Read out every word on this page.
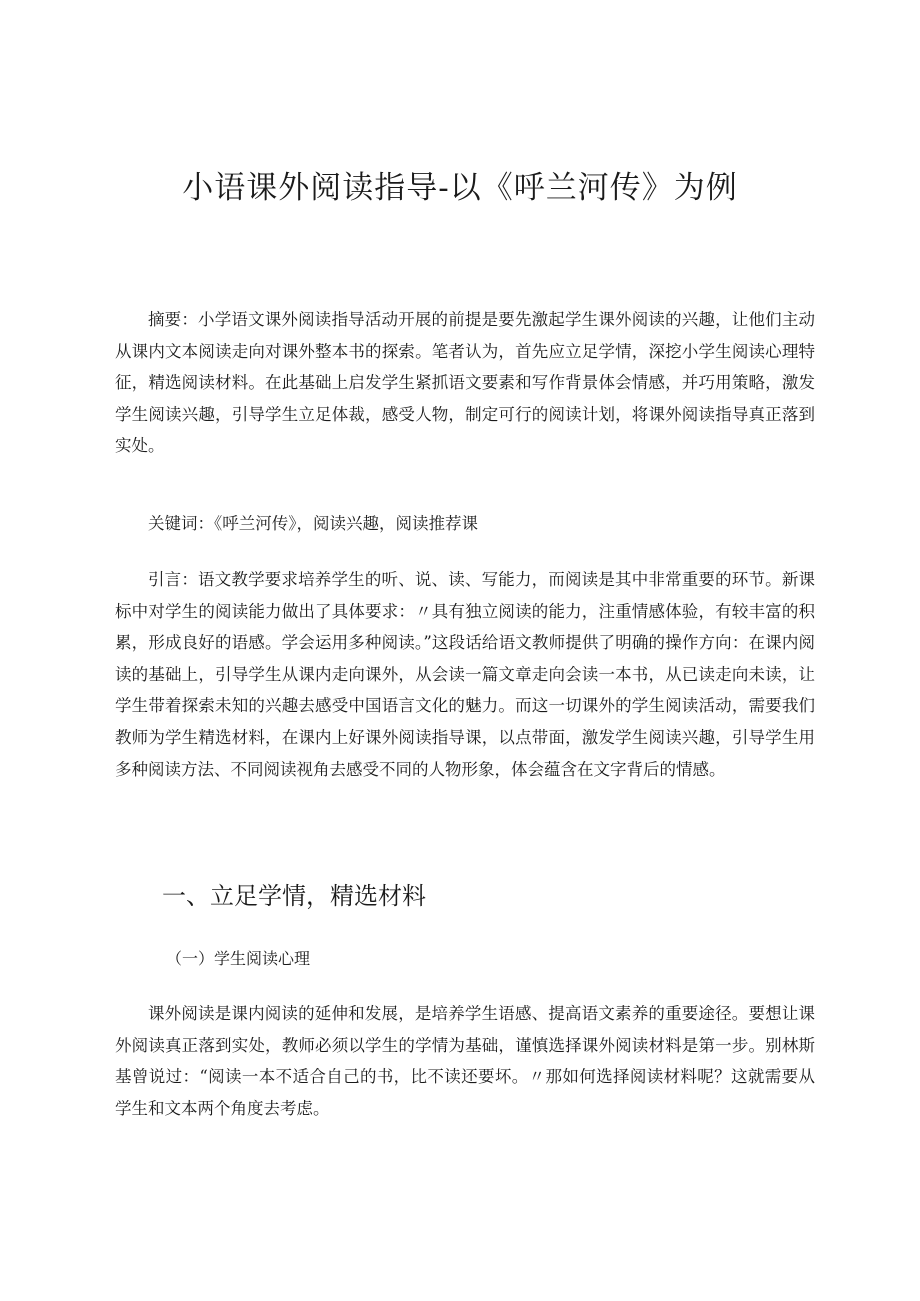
小语课外阅读指导-以《呼兰河传》为例

摘要：小学语文课外阅读指导活动开展的前提是要先激起学生课外阅读的兴趣，让他们主动从课内文本阅读走向对课外整本书的探索。笔者认为，首先应立足学情，深挖小学生阅读心理特征，精选阅读材料。在此基础上启发学生紧抓语文要素和写作背景体会情感，并巧用策略，激发学生阅读兴趣，引导学生立足体裁，感受人物，制定可行的阅读计划，将课外阅读指导真正落到实处。

关键词：《呼兰河传》，阅读兴趣，阅读推荐课

引言：语文教学要求培养学生的听、说、读、写能力，而阅读是其中非常重要的环节。新课标中对学生的阅读能力做出了具体要求：〃具有独立阅读的能力，注重情感体验，有较丰富的积累，形成良好的语感。学会运用多种阅读。”这段话给语文教师提供了明确的操作方向：在课内阅读的基础上，引导学生从课内走向课外，从会读一篇文章走向会读一本书，从已读走向未读，让学生带着探索未知的兴趣去感受中国语言文化的魅力。而这一切课外的学生阅读活动，需要我们教师为学生精选材料，在课内上好课外阅读指导课，以点带面，激发学生阅读兴趣，引导学生用多种阅读方法、不同阅读视角去感受不同的人物形象，体会蕴含在文字背后的情感。

一、立足学情，精选材料
（一）学生阅读心理

课外阅读是课内阅读的延伸和发展，是培养学生语感、提高语文素养的重要途径。要想让课外阅读真正落到实处，教师必须以学生的学情为基础，谨慎选择课外阅读材料是第一步。别林斯基曾说过：“阅读一本不适合自己的书，比不读还要坏。〃那如何选择阅读材料呢？这就需要从学生和文本两个角度去考虑。
